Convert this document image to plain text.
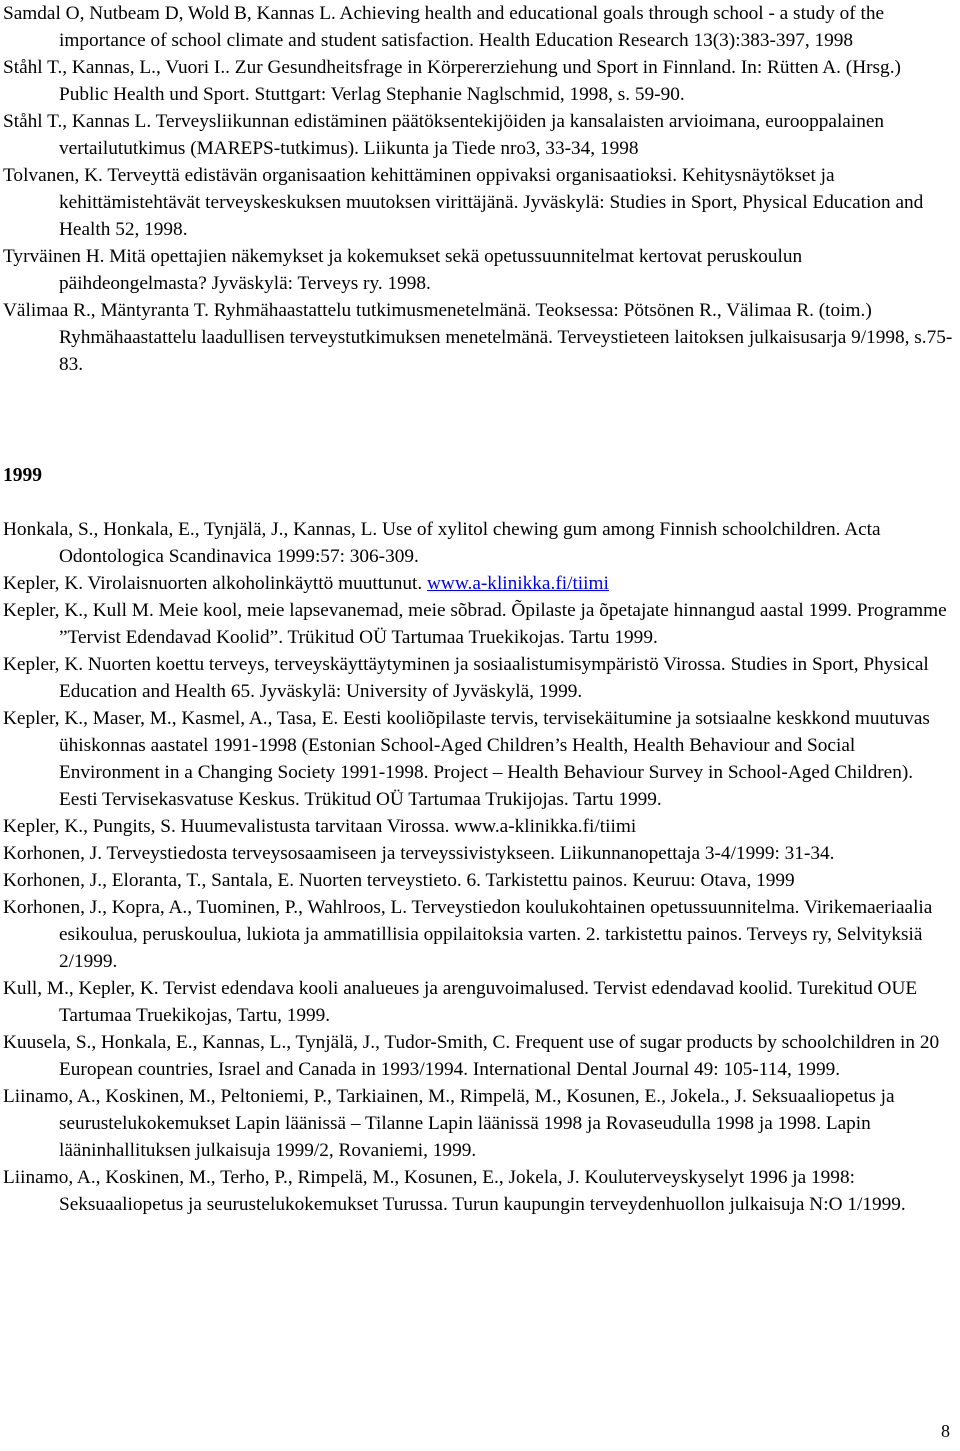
Samdal O, Nutbeam D, Wold B, Kannas L. Achieving health and educational goals through school - a study of the importance of school climate and student satisfaction. Health Education Research 13(3):383-397, 1998

Ståhl T., Kannas, L., Vuori I.. Zur Gesundheitsfrage in Körpererziehung und Sport in Finnland. In: Rütten A. (Hrsg.) Public Health und Sport. Stuttgart: Verlag Stephanie Naglschmid, 1998, s. 59-90.

Ståhl T., Kannas L. Terveysliikunnan edistäminen päätöksentekijöiden ja kansalaisten arvioimana, eurooppalainen vertailututkimus (MAREPS-tutkimus). Liikunta ja Tiede nro3, 33-34, 1998

Tolvanen, K. Terveyttä edistävän organisaation kehittäminen oppivaksi organisaatioksi. Kehitysnäytökset ja kehittämistehtävät terveyskeskuksen muutoksen virittäjänä. Jyväskylä: Studies in Sport, Physical Education and Health 52, 1998.

Tyrväinen H. Mitä opettajien näkemykset ja kokemukset sekä opetussuunnitelmat kertovat peruskoulun päihdeongelmasta? Jyväskylä: Terveys ry. 1998.

Välimaa R., Mäntyranta T. Ryhmähaastattelu tutkimusmenetelmänä. Teoksessa: Pötsönen R., Välimaa R. (toim.) Ryhmähaastattelu laadullisen terveystutkimuksen menetelmänä. Terveystieteen laitoksen julkaisusarja 9/1998, s.75-83.

1999

Honkala, S., Honkala, E., Tynjälä, J., Kannas, L. Use of xylitol chewing gum among Finnish schoolchildren. Acta Odontologica Scandinavica 1999:57: 306-309.

Kepler, K. Virolaisnuorten alkoholinkäyttö muuttunut. www.a-klinikka.fi/tiimi

Kepler, K., Kull M. Meie kool, meie lapsevanemad, meie sõbrad. Õpilaste ja õpetajate hinnangud aastal 1999. Programme ”Tervist Edendavad Koolid”. Trükitud OÜ Tartumaa Truekikojas. Tartu 1999.

Kepler, K. Nuorten koettu terveys, terveyskäyttäytyminen ja sosiaalistumisympäristö Virossa. Studies in Sport, Physical Education and Health 65. Jyväskylä: University of Jyväskylä, 1999.

Kepler, K., Maser, M., Kasmel, A., Tasa, E. Eesti kooliõpilaste tervis, tervisekäitumine ja sotsiaalne keskkond muutuvas ühiskonnas aastatel 1991-1998 (Estonian School-Aged Children’s Health, Health Behaviour and Social Environment in a Changing Society 1991-1998. Project – Health Behaviour Survey in School-Aged Children). Eesti Tervisekasvatuse Keskus. Trükitud OÜ Tartumaa Trukijojas. Tartu 1999.

Kepler, K., Pungits, S. Huumevalistusta tarvitaan Virossa. www.a-klinikka.fi/tiimi

Korhonen, J. Terveystiedosta terveysosaamiseen ja terveyssivistykseen. Liikunnanopettaja 3-4/1999: 31-34.

Korhonen, J., Eloranta, T., Santala, E. Nuorten terveystieto. 6. Tarkistettu painos. Keuruu: Otava, 1999

Korhonen, J., Kopra, A., Tuominen, P., Wahlroos, L. Terveystiedon koulukohtainen opetussuunnitelma. Virikemaeriaalia esikoulua, peruskoulua, lukiota ja ammatillisia oppilaitoksia varten. 2. tarkistettu painos. Terveys ry, Selvityksiä 2/1999.

Kull, M., Kepler, K. Tervist edendava kooli analueues ja arenguvoimalused. Tervist edendavad koolid. Turekitud OUE Tartumaa Truekikojas, Tartu, 1999.

Kuusela, S., Honkala, E., Kannas, L., Tynjälä, J., Tudor-Smith, C. Frequent use of sugar products by schoolchildren in 20 European countries, Israel and Canada in 1993/1994. International Dental Journal 49: 105-114, 1999.

Liinamo, A., Koskinen, M., Peltoniemi, P., Tarkiainen, M., Rimpelä, M., Kosunen, E., Jokela., J. Seksuaaliopetus ja seurustelukokemukset Lapin läänissä – Tilanne Lapin läänissä 1998 ja Rovaseudulla 1998 ja 1998. Lapin lääninhallituksen julkaisuja 1999/2, Rovaniemi, 1999.

Liinamo, A., Koskinen, M., Terho, P., Rimpelä, M., Kosunen, E., Jokela, J. Kouluterveyskyselyt 1996 ja 1998: Seksuaaliopetus ja seurustelukokemukset Turussa. Turun kaupungin terveydenhuollon julkaisuja N:O 1/1999.

8
